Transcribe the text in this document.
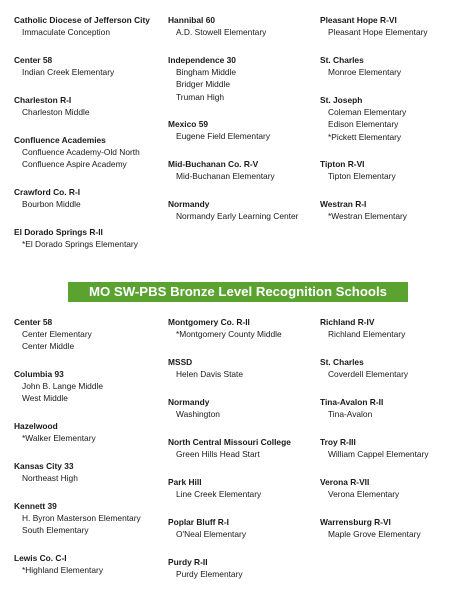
Catholic Diocese of Jefferson City
Immaculate Conception
Center 58
Indian Creek Elementary
Charleston R-I
Charleston Middle
Confluence Academies
Confluence Academy-Old North
Confluence Aspire Academy
Crawford Co. R-I
Bourbon Middle
El Dorado Springs R-II
*El Dorado Springs Elementary
Hannibal 60
A.D. Stowell Elementary
Independence 30
Bingham Middle
Bridger Middle
Truman High
Mexico 59
Eugene Field Elementary
Mid-Buchanan Co. R-V
Mid-Buchanan Elementary
Normandy
Normandy Early Learning Center
Pleasant Hope R-VI
Pleasant Hope Elementary
St. Charles
Monroe Elementary
St. Joseph
Coleman Elementary
Edison Elementary
*Pickett Elementary
Tipton R-VI
Tipton Elementary
Westran R-I
*Westran Elementary
MO SW-PBS Bronze Level Recognition Schools
Center 58
Center Elementary
Center Middle
Columbia 93
John B. Lange Middle
West Middle
Hazelwood
*Walker Elementary
Kansas City 33
Northeast High
Kennett 39
H. Byron Masterson Elementary
South Elementary
Lewis Co. C-I
*Highland Elementary
Montgomery Co. R-II
*Montgomery County Middle
MSSD
Helen Davis State
Normandy
Washington
North Central Missouri College
Green Hills Head Start
Park Hill
Line Creek Elementary
Poplar Bluff R-I
O'Neal Elementary
Purdy R-II
Purdy Elementary
Richland R-IV
Richland Elementary
St. Charles
Coverdell Elementary
Tina-Avalon R-II
Tina-Avalon
Troy R-III
William Cappel Elementary
Verona R-VII
Verona Elementary
Warrensburg R-VI
Maple Grove Elementary
